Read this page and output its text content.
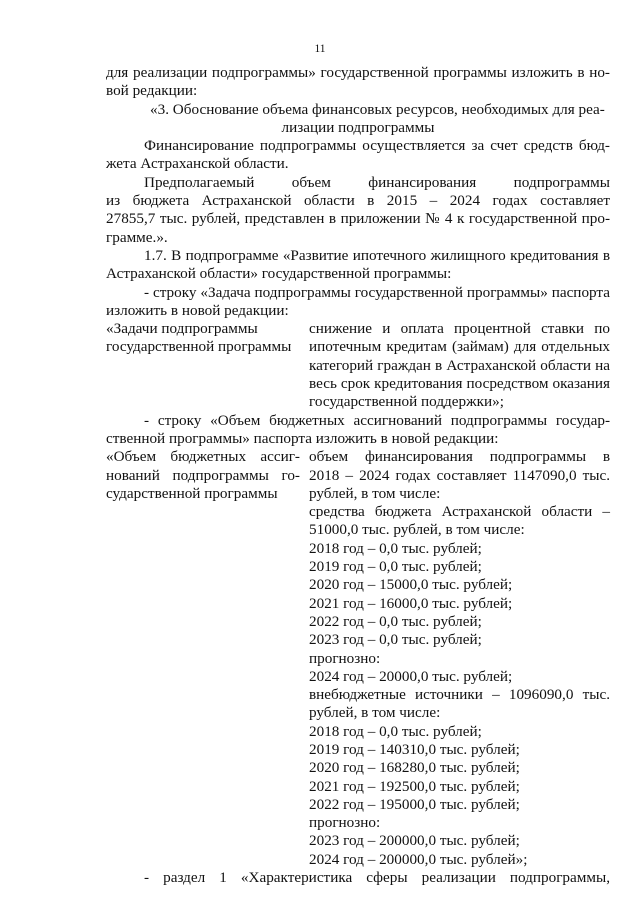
11
для реализации подпрограммы» государственной программы изложить в но-
вой редакции:
«3. Обоснование объема финансовых ресурсов, необходимых для реа-
лизации подпрограммы
Финансирование подпрограммы осуществляется за счет средств бюд-
жета Астраханской области.
Предполагаемый объем финансирования подпрограммы
из бюджета Астраханской области в 2015 – 2024 годах составляет
27855,7 тыс. рублей, представлен в приложении № 4 к государственной про-
грамме.».
1.7. В подпрограмме «Развитие ипотечного жилищного кредитования в
Астраханской области» государственной программы:
- строку «Задача подпрограммы государственной программы» паспорта
изложить в новой редакции:
«Задачи подпрограммы
государственной программы
снижение и оплата процентной ставки по
ипотечным кредитам (займам) для отдельных
категорий граждан в Астраханской области на
весь срок кредитования посредством оказания
государственной поддержки»;
- строку «Объем бюджетных ассигнований подпрограммы государ-
ственной программы» паспорта изложить в новой редакции:
«Объем бюджетных ассиг-
нований подпрограммы го-
сударственной программы
объем финансирования подпрограммы в
2018 – 2024 годах составляет 1147090,0 тыс.
рублей, в том числе:
средства бюджета Астраханской области –
51000,0 тыс. рублей, в том числе:
2018 год – 0,0 тыс. рублей;
2019 год – 0,0 тыс. рублей;
2020 год – 15000,0 тыс. рублей;
2021 год – 16000,0 тыс. рублей;
2022 год – 0,0 тыс. рублей;
2023 год – 0,0 тыс. рублей;
прогнозно:
2024 год – 20000,0 тыс. рублей;
внебюджетные источники – 1096090,0 тыс.
рублей, в том числе:
2018 год – 0,0 тыс. рублей;
2019 год – 140310,0 тыс. рублей;
2020 год – 168280,0 тыс. рублей;
2021 год – 192500,0 тыс. рублей;
2022 год – 195000,0 тыс. рублей;
прогнозно:
2023 год – 200000,0 тыс. рублей;
2024 год – 200000,0 тыс. рублей»;
- раздел 1 «Характеристика сферы реализации подпрограммы,
